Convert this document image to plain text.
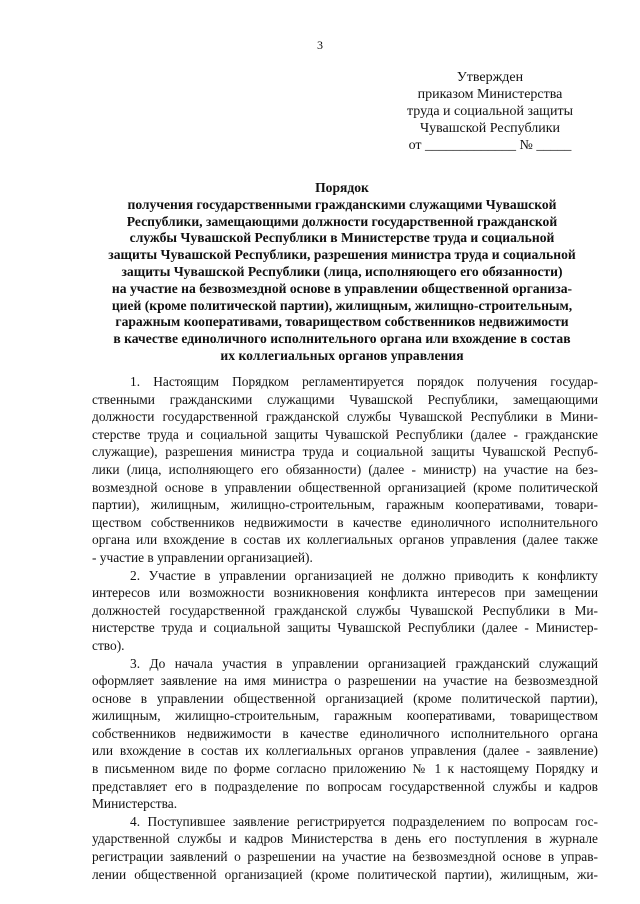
3
Утвержден
приказом Министерства
труда и социальной защиты
Чувашской Республики
от _____________ № _____
Порядок
получения государственными гражданскими служащими Чувашской
Республики, замещающими должности государственной гражданской
службы Чувашской Республики в Министерстве труда и социальной
защиты Чувашской Республики, разрешения министра труда и социальной
защиты Чувашской Республики (лица, исполняющего его обязанности)
на участие на безвозмездной основе в управлении общественной организа-
цией (кроме политической партии), жилищным, жилищно-строительным,
гаражным кооперативами, товариществом собственников недвижимости
в качестве единоличного исполнительного органа или вхождение в состав
их коллегиальных органов управления
1. Настоящим Порядком регламентируется порядок получения государ-
ственными гражданскими служащими Чувашской Республики, замещающими
должности государственной гражданской службы Чувашской Республики в Мини-
стерстве труда и социальной защиты Чувашской Республики (далее - гражданские
служащие), разрешения министра труда и социальной защиты Чувашской Респуб-
лики (лица, исполняющего его обязанности) (далее - министр) на участие на без-
возмездной основе в управлении общественной организацией (кроме политической
партии), жилищным, жилищно-строительным, гаражным кооперативами, товари-
ществом собственников недвижимости в качестве единоличного исполнительного
органа или вхождение в состав их коллегиальных органов управления (далее также
- участие в управлении организацией).
2. Участие в управлении организацией не должно приводить к конфликту
интересов или возможности возникновения конфликта интересов при замещении
должностей государственной гражданской службы Чувашской Республики в Ми-
нистерстве труда и социальной защиты Чувашской Республики (далее - Министер-
ство).
3. До начала участия в управлении организацией гражданский служащий
оформляет заявление на имя министра о разрешении на участие на безвозмездной
основе в управлении общественной организацией (кроме политической партии),
жилищным, жилищно-строительным, гаражным кооперативами, товариществом
собственников недвижимости в качестве единоличного исполнительного органа
или вхождение в состав их коллегиальных органов управления (далее - заявление)
в письменном виде по форме согласно приложению № 1 к настоящему Порядку и
представляет его в подразделение по вопросам государственной службы и кадров
Министерства.
4. Поступившее заявление регистрируется подразделением по вопросам гос-
ударственной службы и кадров Министерства в день его поступления в журнале
регистрации заявлений о разрешении на участие на безвозмездной основе в управ-
лении общественной организацией (кроме политической партии), жилищным, жи-
